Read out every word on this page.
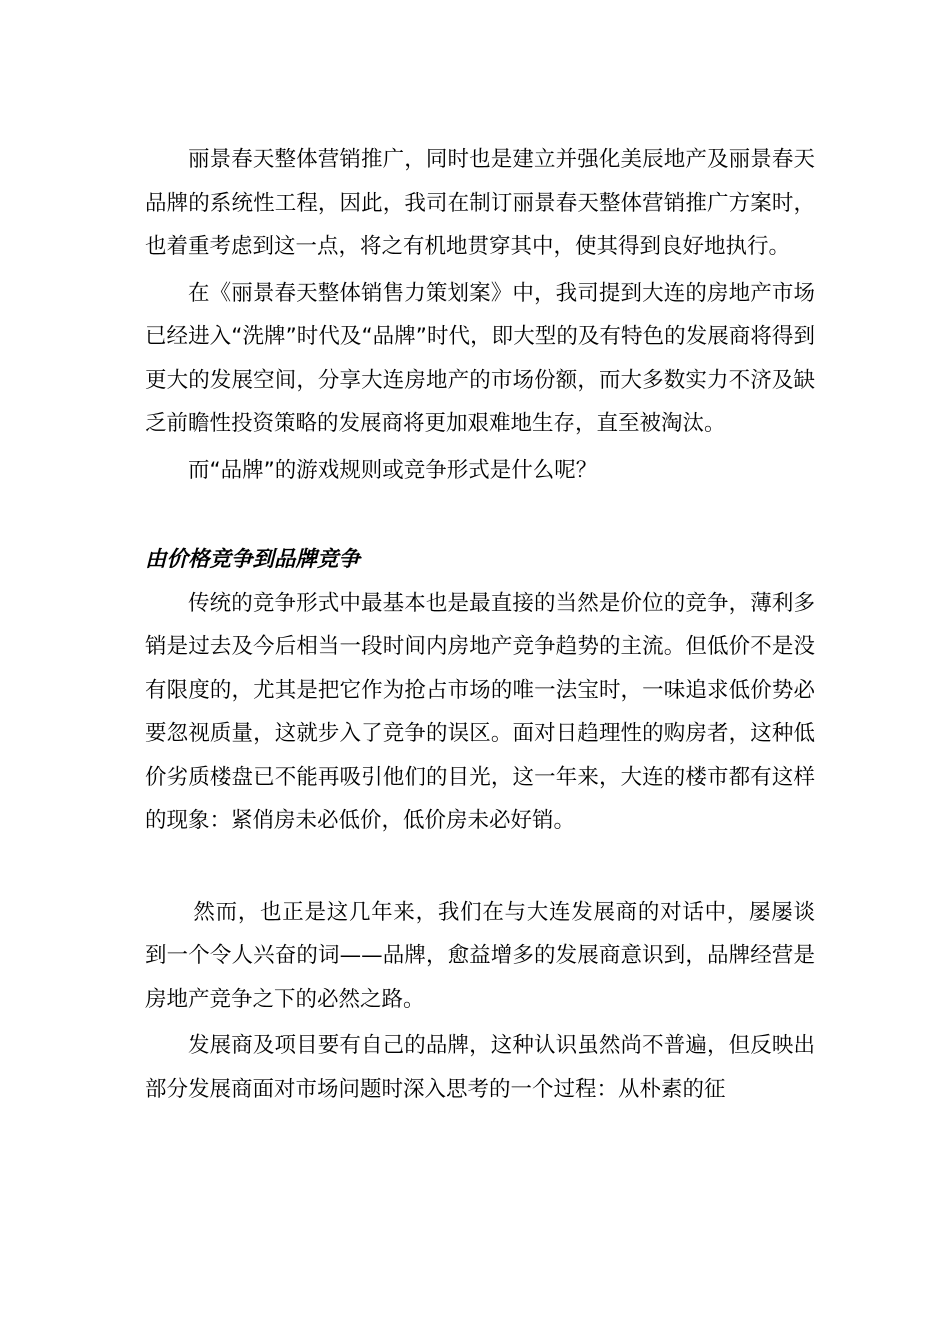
丽景春天整体营销推广，同时也是建立并强化美辰地产及丽景春天品牌的系统性工程，因此，我司在制订丽景春天整体营销推广方案时，也着重考虑到这一点，将之有机地贯穿其中，使其得到良好地执行。

在《丽景春天整体销售力策划案》中，我司提到大连的房地产市场已经进入“洗牌”时代及“品牌”时代，即大型的及有特色的发展商将得到更大的发展空间，分享大连房地产的市场份额，而大多数实力不济及缺乏前瞻性投资策略的发展商将更加艰难地生存，直至被淘汰。

而“品牌”的游戏规则或竞争形式是什么呢？

由价格竞争到品牌竞争

传统的竞争形式中最基本也是最直接的当然是价位的竞争，薄利多销是过去及今后相当一段时间内房地产竞争趋势的主流。但低价不是没有限度的，尤其是把它作为抢占市场的唯一法宝时，一味追求低价势必要忽视质量，这就步入了竞争的误区。面对日趋理性的购房者，这种低价劣质楼盘已不能再吸引他们的目光，这一年来，大连的楼市都有这样的现象：紧俏房未必低价，低价房未必好销。

然而，也正是这几年来，我们在与大连发展商的对话中，屡屡谈到一个令人兴奋的词——品牌，愈益增多的发展商意识到，品牌经营是房地产竞争之下的必然之路。

发展商及项目要有自己的品牌，这种认识虽然尚不普遍，但反映出部分发展商面对市场问题时深入思考的一个过程：从朴素的征
